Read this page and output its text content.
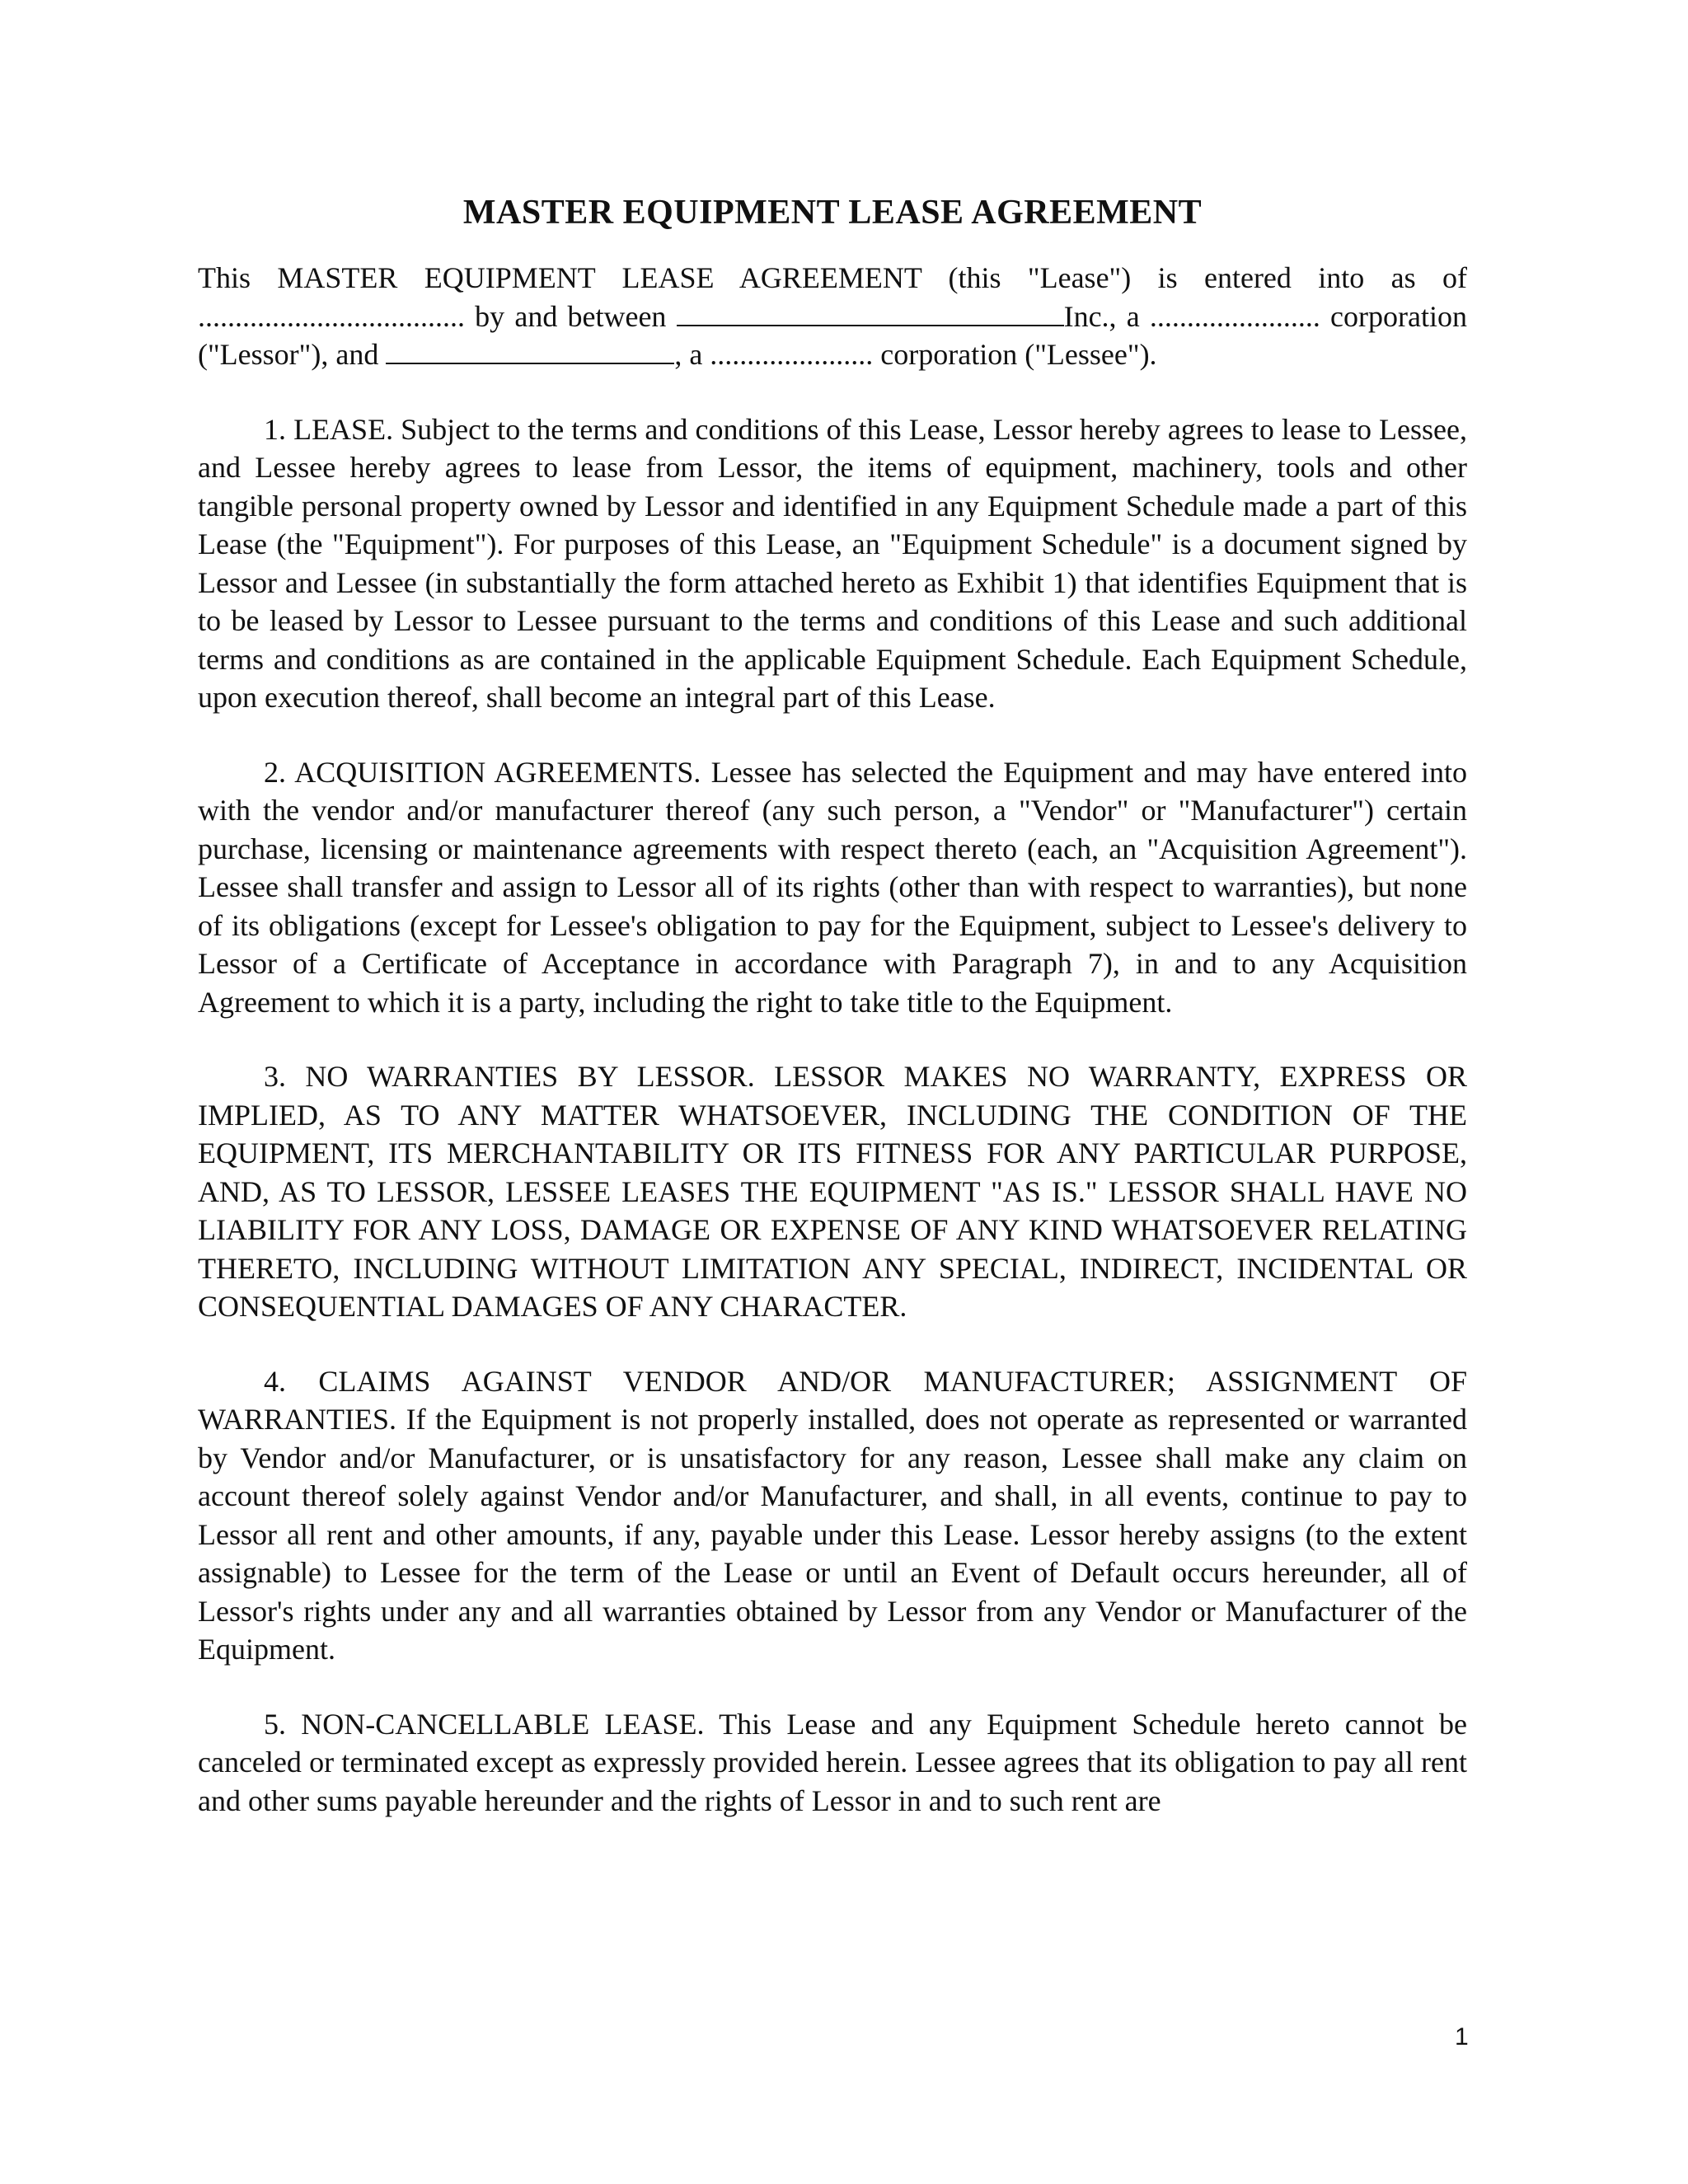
MASTER EQUIPMENT LEASE AGREEMENT

This MASTER EQUIPMENT LEASE AGREEMENT (this "Lease") is entered into as of .................................... by and between	Inc., a ....................... corporation ("Lessor"), and	, a ...................... corporation ("Lessee").

1. LEASE. Subject to the terms and conditions of this Lease, Lessor hereby agrees to lease to Lessee, and Lessee hereby agrees to lease from Lessor, the items of equipment, machinery, tools and other tangible personal property owned by Lessor and identified in any Equipment Schedule made a part of this Lease (the "Equipment"). For purposes of this Lease, an "Equipment Schedule" is a document signed by Lessor and Lessee (in substantially the form attached hereto as Exhibit 1) that identifies Equipment that is to be leased by Lessor to Lessee pursuant to the terms and conditions of this Lease and such additional terms and conditions as are contained in the applicable Equipment Schedule. Each Equipment Schedule, upon execution thereof, shall become an integral part of this Lease.

2. ACQUISITION AGREEMENTS. Lessee has selected the Equipment and may have entered into with the vendor and/or manufacturer thereof (any such person, a "Vendor" or "Manufacturer") certain purchase, licensing or maintenance agreements with respect thereto (each, an "Acquisition Agreement"). Lessee shall transfer and assign to Lessor all of its rights (other than with respect to warranties), but none of its obligations (except for Lessee's obligation to pay for the Equipment, subject to Lessee's delivery to Lessor of a Certificate of Acceptance in accordance with Paragraph 7), in and to any Acquisition Agreement to which it is a party, including the right to take title to the Equipment.

3. NO WARRANTIES BY LESSOR. LESSOR MAKES NO WARRANTY, EXPRESS OR IMPLIED, AS TO ANY MATTER WHATSOEVER, INCLUDING THE CONDITION OF THE EQUIPMENT, ITS MERCHANTABILITY OR ITS FITNESS FOR ANY PARTICULAR PURPOSE, AND, AS TO LESSOR, LESSEE LEASES THE EQUIPMENT "AS IS." LESSOR SHALL HAVE NO LIABILITY FOR ANY LOSS, DAMAGE OR EXPENSE OF ANY KIND WHATSOEVER RELATING THERETO, INCLUDING WITHOUT LIMITATION ANY SPECIAL, INDIRECT, INCIDENTAL OR CONSEQUENTIAL DAMAGES OF ANY CHARACTER.

4. CLAIMS AGAINST VENDOR AND/OR MANUFACTURER; ASSIGNMENT OF WARRANTIES. If the Equipment is not properly installed, does not operate as represented or warranted by Vendor and/or Manufacturer, or is unsatisfactory for any reason, Lessee shall make any claim on account thereof solely against Vendor and/or Manufacturer, and shall, in all events, continue to pay to Lessor all rent and other amounts, if any, payable under this Lease. Lessor hereby assigns (to the extent assignable) to Lessee for the term of the Lease or until an Event of Default occurs hereunder, all of Lessor's rights under any and all warranties obtained by Lessor from any Vendor or Manufacturer of the Equipment.

5. NON-CANCELLABLE LEASE. This Lease and any Equipment Schedule hereto cannot be canceled or terminated except as expressly provided herein. Lessee agrees that its obligation to pay all rent and other sums payable hereunder and the rights of Lessor in and to such rent are

1
